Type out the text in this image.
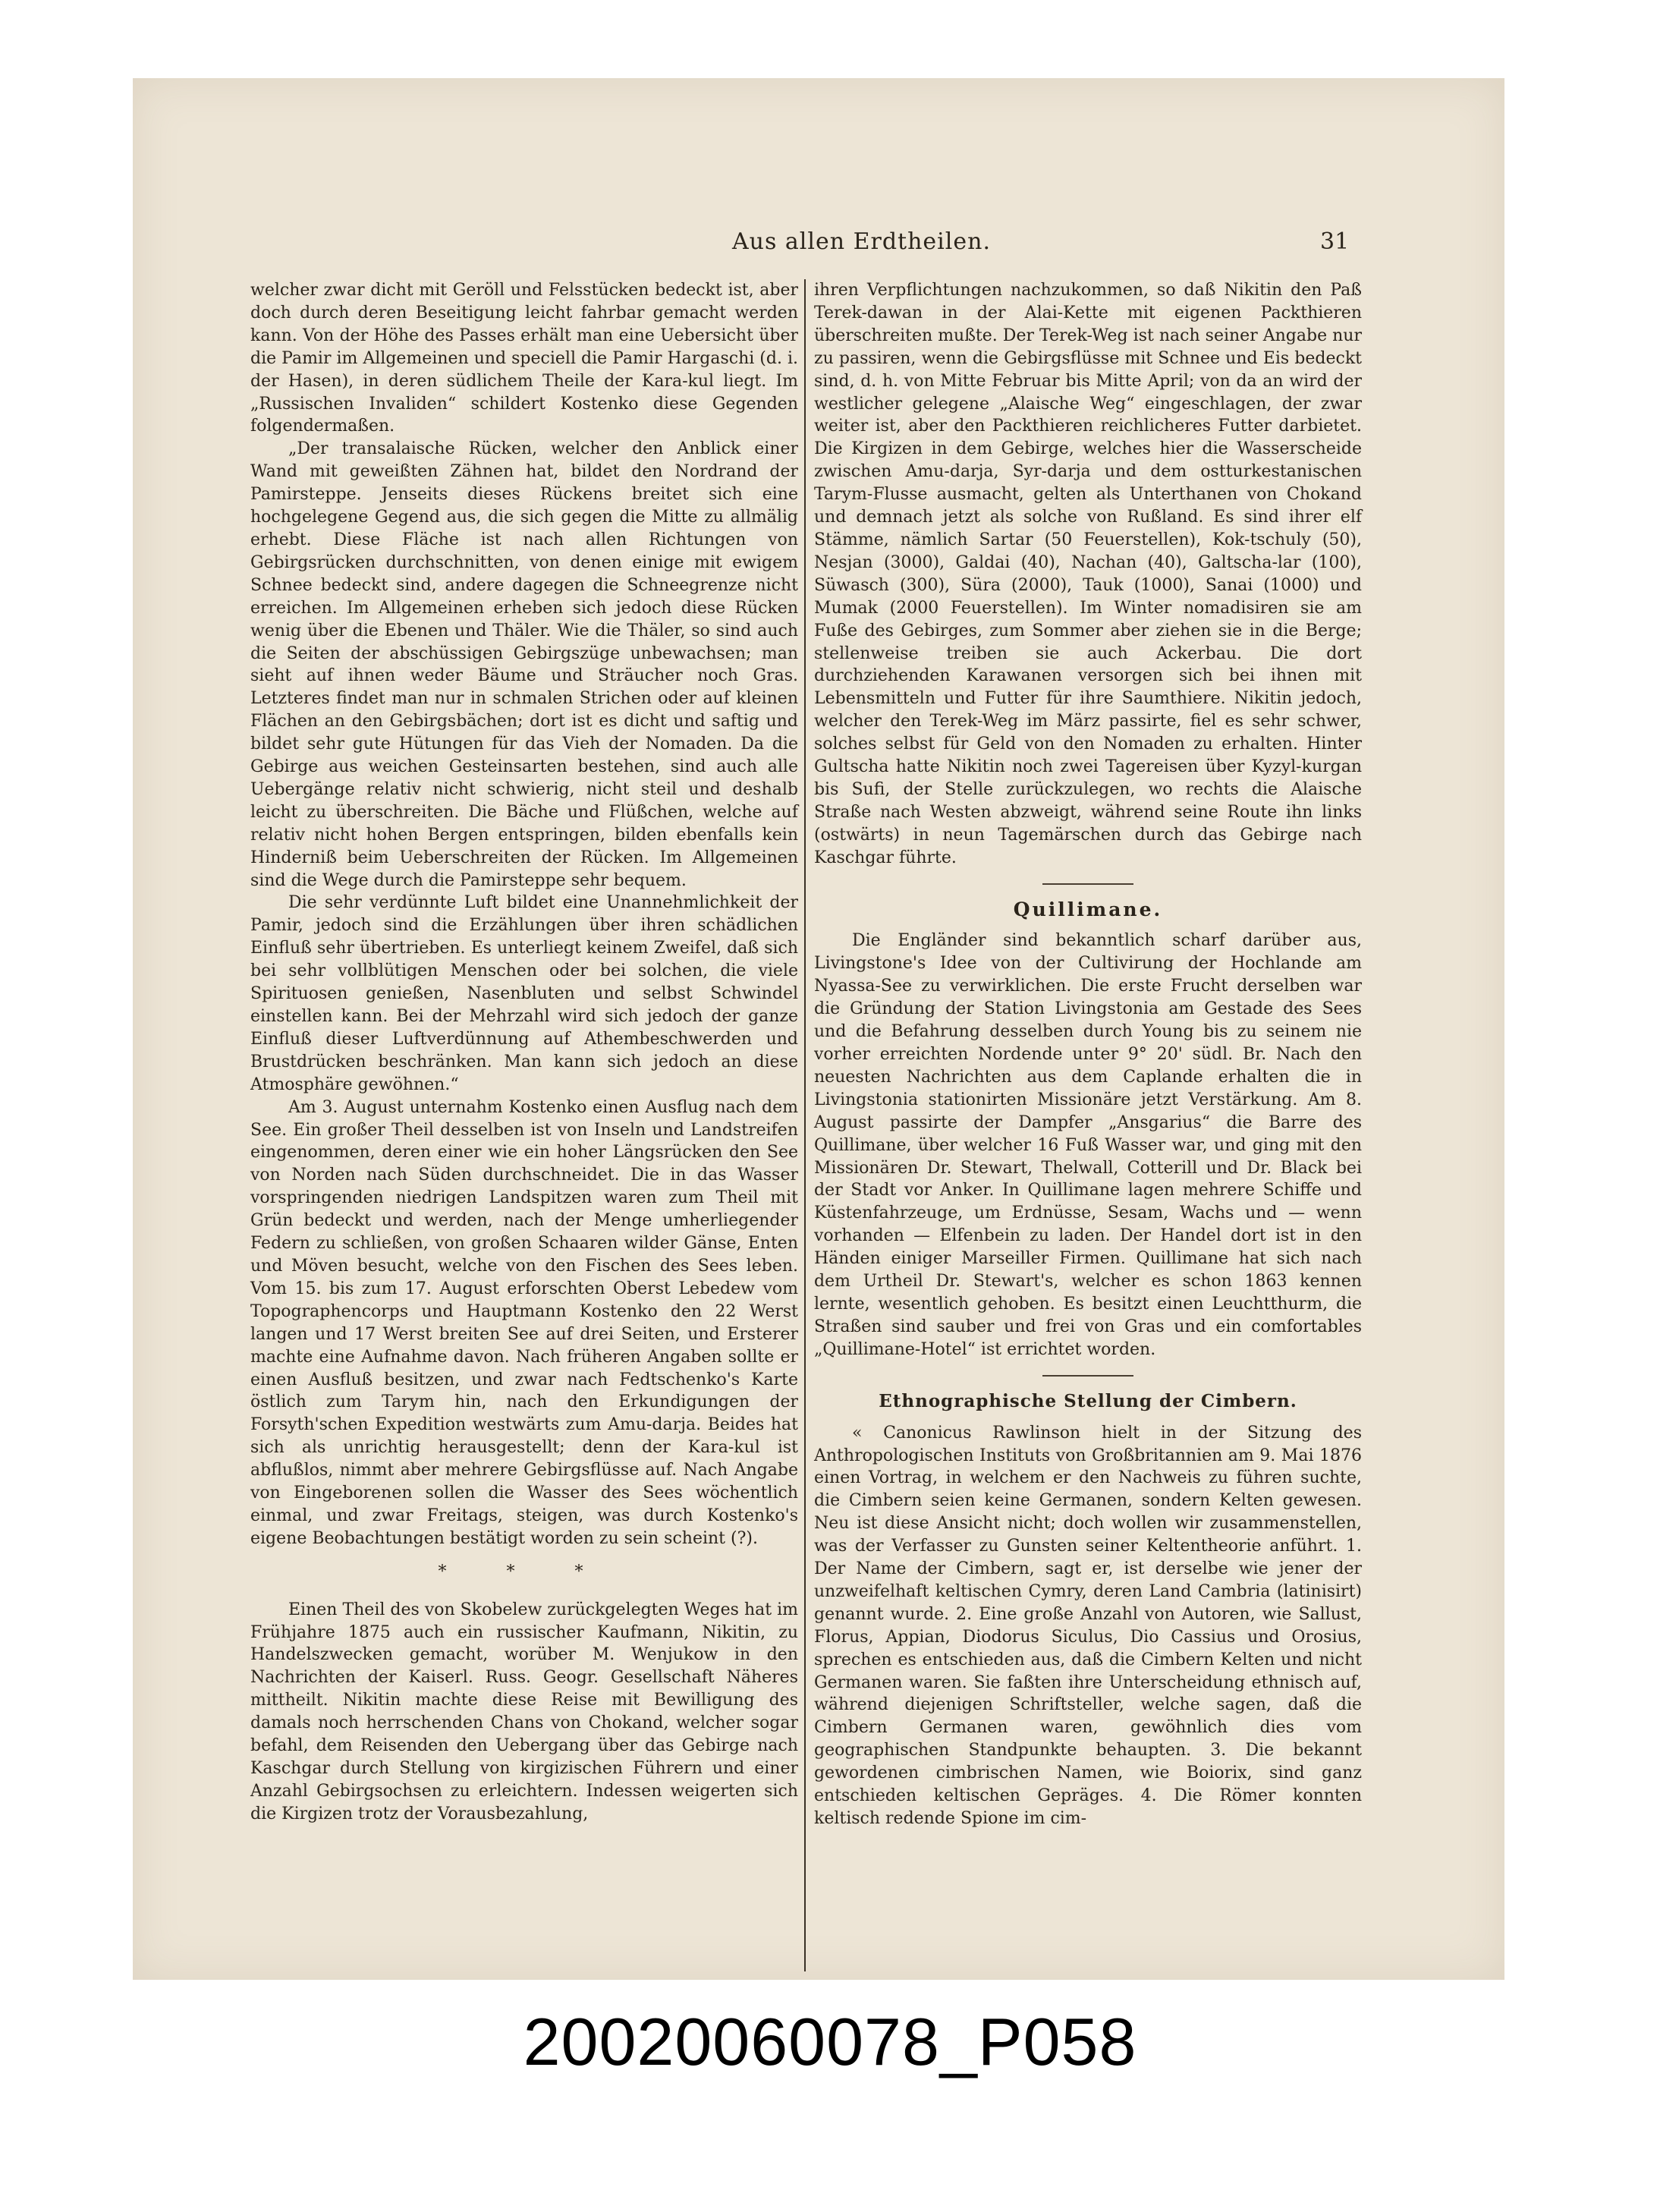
Aus allen Erdtheilen.	31

welcher zwar dicht mit Geröll und Felsstücken bedeckt ist, aber doch durch deren Beseitigung leicht fahrbar gemacht werden kann. Von der Höhe des Passes erhält man eine Uebersicht über die Pamir im Allgemeinen und speciell die Pamir Hargaschi (d. i. der Hasen), in deren südlichem Theile der Kara-kul liegt. Im „Russischen Invaliden“ schildert Kostenko diese Gegenden folgendermaßen.

„Der transalaische Rücken, welcher den Anblick einer Wand mit geweißten Zähnen hat, bildet den Nordrand der Pamirsteppe. Jenseits dieses Rückens breitet sich eine hochgelegene Gegend aus, die sich gegen die Mitte zu allmälig erhebt. Diese Fläche ist nach allen Richtungen von Gebirgsrücken durchschnitten, von denen einige mit ewigem Schnee bedeckt sind, andere dagegen die Schneegrenze nicht erreichen. Im Allgemeinen erheben sich jedoch diese Rücken wenig über die Ebenen und Thäler. Wie die Thäler, so sind auch die Seiten der abschüssigen Gebirgszüge unbewachsen; man sieht auf ihnen weder Bäume und Sträucher noch Gras. Letzteres findet man nur in schmalen Strichen oder auf kleinen Flächen an den Gebirgsbächen; dort ist es dicht und saftig und bildet sehr gute Hütungen für das Vieh der Nomaden. Da die Gebirge aus weichen Gesteinsarten bestehen, sind auch alle Uebergänge relativ nicht schwierig, nicht steil und deshalb leicht zu überschreiten. Die Bäche und Flüßchen, welche auf relativ nicht hohen Bergen entspringen, bilden ebenfalls kein Hinderniß beim Ueberschreiten der Rücken. Im Allgemeinen sind die Wege durch die Pamirsteppe sehr bequem.

Die sehr verdünnte Luft bildet eine Unannehmlichkeit der Pamir, jedoch sind die Erzählungen über ihren schädlichen Einfluß sehr übertrieben. Es unterliegt keinem Zweifel, daß sich bei sehr vollblütigen Menschen oder bei solchen, die viele Spirituosen genießen, Nasenbluten und selbst Schwindel einstellen kann. Bei der Mehrzahl wird sich jedoch der ganze Einfluß dieser Luftverdünnung auf Athembeschwerden und Brustdrücken beschränken. Man kann sich jedoch an diese Atmosphäre gewöhnen.“

Am 3. August unternahm Kostenko einen Ausflug nach dem See. Ein großer Theil desselben ist von Inseln und Landstreifen eingenommen, deren einer wie ein hoher Längsrücken den See von Norden nach Süden durchschneidet. Die in das Wasser vorspringenden niedrigen Landspitzen waren zum Theil mit Grün bedeckt und werden, nach der Menge umherliegender Federn zu schließen, von großen Schaaren wilder Gänse, Enten und Möven besucht, welche von den Fischen des Sees leben. Vom 15. bis zum 17. August erforschten Oberst Lebedew vom Topographencorps und Hauptmann Kostenko den 22 Werst langen und 17 Werst breiten See auf drei Seiten, und Ersterer machte eine Aufnahme davon. Nach früheren Angaben sollte er einen Ausfluß besitzen, und zwar nach Fedtschenko's Karte östlich zum Tarym hin, nach den Erkundigungen der Forsyth'schen Expedition westwärts zum Amu-darja. Beides hat sich als unrichtig herausgestellt; denn der Kara-kul ist abflußlos, nimmt aber mehrere Gebirgsflüsse auf. Nach Angabe von Eingeborenen sollen die Wasser des Sees wöchentlich einmal, und zwar Freitags, steigen, was durch Kostenko's eigene Beobachtungen bestätigt worden zu sein scheint (?).

* * *

Einen Theil des von Skobelew zurückgelegten Weges hat im Frühjahre 1875 auch ein russischer Kaufmann, Nikitin, zu Handelszwecken gemacht, worüber M. Wenjukow in den Nachrichten der Kaiserl. Russ. Geogr. Gesellschaft Näheres mittheilt. Nikitin machte diese Reise mit Bewilligung des damals noch herrschenden Chans von Chokand, welcher sogar befahl, dem Reisenden den Uebergang über das Gebirge nach Kaschgar durch Stellung von kirgizischen Führern und einer Anzahl Gebirgsochsen zu erleichtern. Indessen weigerten sich die Kirgizen trotz der Vorausbezahlung,

ihren Verpflichtungen nachzukommen, so daß Nikitin den Paß Terek-dawan in der Alai-Kette mit eigenen Packthieren überschreiten mußte. Der Terek-Weg ist nach seiner Angabe nur zu passiren, wenn die Gebirgsflüsse mit Schnee und Eis bedeckt sind, d. h. von Mitte Februar bis Mitte April; von da an wird der westlicher gelegene „Alaische Weg“ eingeschlagen, der zwar weiter ist, aber den Packthieren reichlicheres Futter darbietet. Die Kirgizen in dem Gebirge, welches hier die Wasserscheide zwischen Amu-darja, Syr-darja und dem ostturkestanischen Tarym-Flusse ausmacht, gelten als Unterthanen von Chokand und demnach jetzt als solche von Rußland. Es sind ihrer elf Stämme, nämlich Sartar (50 Feuerstellen), Kok-tschuly (50), Nesjan (3000), Galdai (40), Nachan (40), Galtscha-lar (100), Süwasch (300), Süra (2000), Tauk (1000), Sanai (1000) und Mumak (2000 Feuerstellen). Im Winter nomadisiren sie am Fuße des Gebirges, zum Sommer aber ziehen sie in die Berge; stellenweise treiben sie auch Ackerbau. Die dort durchziehenden Karawanen versorgen sich bei ihnen mit Lebensmitteln und Futter für ihre Saumthiere. Nikitin jedoch, welcher den Terek-Weg im März passirte, fiel es sehr schwer, solches selbst für Geld von den Nomaden zu erhalten. Hinter Gultscha hatte Nikitin noch zwei Tagereisen über Kyzyl-kurgan bis Sufi, der Stelle zurückzulegen, wo rechts die Alaische Straße nach Westen abzweigt, während seine Route ihn links (ostwärts) in neun Tagemärschen durch das Gebirge nach Kaschgar führte.

Quillimane.

Die Engländer sind bekanntlich scharf darüber aus, Livingstone's Idee von der Cultivirung der Hochlande am Nyassa-See zu verwirklichen. Die erste Frucht derselben war die Gründung der Station Livingstonia am Gestade des Sees und die Befahrung desselben durch Young bis zu seinem nie vorher erreichten Nordende unter 9° 20' südl. Br. Nach den neuesten Nachrichten aus dem Caplande erhalten die in Livingstonia stationirten Missionäre jetzt Verstärkung. Am 8. August passirte der Dampfer „Ansgarius“ die Barre des Quillimane, über welcher 16 Fuß Wasser war, und ging mit den Missionären Dr. Stewart, Thelwall, Cotterill und Dr. Black bei der Stadt vor Anker. In Quillimane lagen mehrere Schiffe und Küstenfahrzeuge, um Erdnüsse, Sesam, Wachs und — wenn vorhanden — Elfenbein zu laden. Der Handel dort ist in den Händen einiger Marseiller Firmen. Quillimane hat sich nach dem Urtheil Dr. Stewart's, welcher es schon 1863 kennen lernte, wesentlich gehoben. Es besitzt einen Leuchtthurm, die Straßen sind sauber und frei von Gras und ein comfortables „Quillimane-Hotel“ ist errichtet worden.

Ethnographische Stellung der Cimbern.

« Canonicus Rawlinson hielt in der Sitzung des Anthropologischen Instituts von Großbritannien am 9. Mai 1876 einen Vortrag, in welchem er den Nachweis zu führen suchte, die Cimbern seien keine Germanen, sondern Kelten gewesen. Neu ist diese Ansicht nicht; doch wollen wir zusammenstellen, was der Verfasser zu Gunsten seiner Keltentheorie anführt. 1. Der Name der Cimbern, sagt er, ist derselbe wie jener der unzweifelhaft keltischen Cymry, deren Land Cambria (latinisirt) genannt wurde. 2. Eine große Anzahl von Autoren, wie Sallust, Florus, Appian, Diodorus Siculus, Dio Cassius und Orosius, sprechen es entschieden aus, daß die Cimbern Kelten und nicht Germanen waren. Sie faßten ihre Unterscheidung ethnisch auf, während diejenigen Schriftsteller, welche sagen, daß die Cimbern Germanen waren, gewöhnlich dies vom geographischen Standpunkte behaupten. 3. Die bekannt gewordenen cimbrischen Namen, wie Boiorix, sind ganz entschieden keltischen Gepräges. 4. Die Römer konnten keltisch redende Spione im cim-

20020060078_P058
